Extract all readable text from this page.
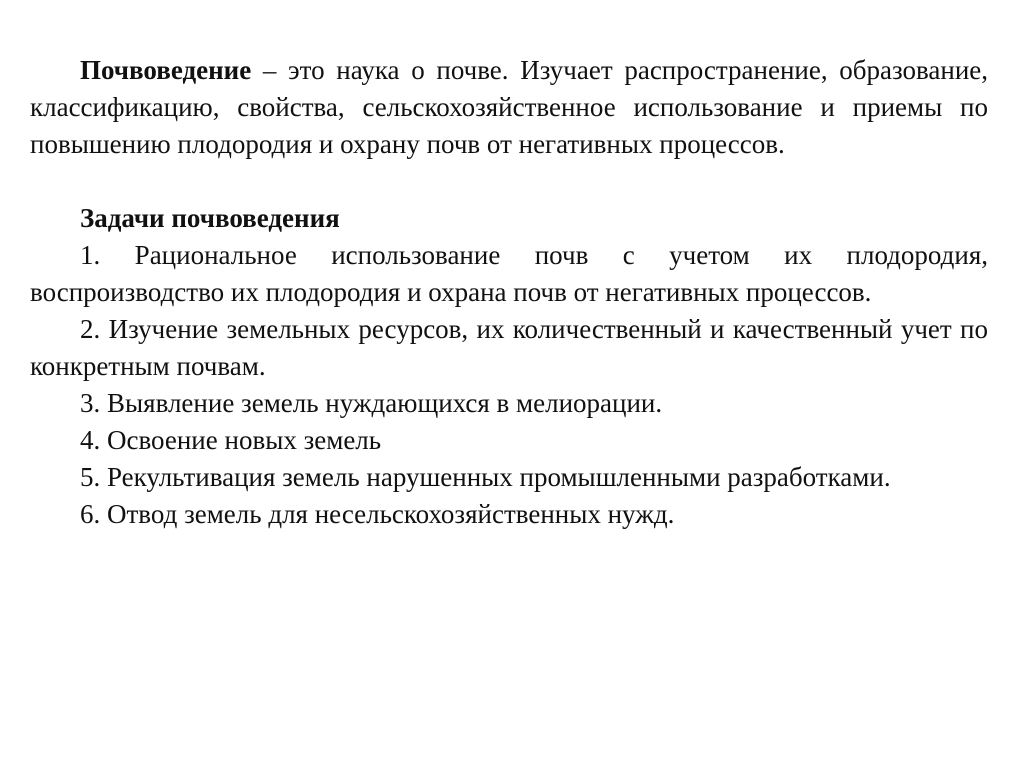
Почвоведение – это наука о почве. Изучает распространение, образование, классификацию, свойства, сельскохозяйственное использование и приемы по повышению плодородия и охрану почв от негативных процессов.

Задачи почвоведения

1. Рациональное использование почв с учетом их плодородия, воспроизводство их плодородия и охрана почв от негативных процессов.

2. Изучение земельных ресурсов, их количественный и качественный учет по конкретным почвам.

3. Выявление земель нуждающихся в мелиорации.

4. Освоение новых земель

5. Рекультивация земель нарушенных промышленными разработками.

6. Отвод земель для несельскохозяйственных нужд.
